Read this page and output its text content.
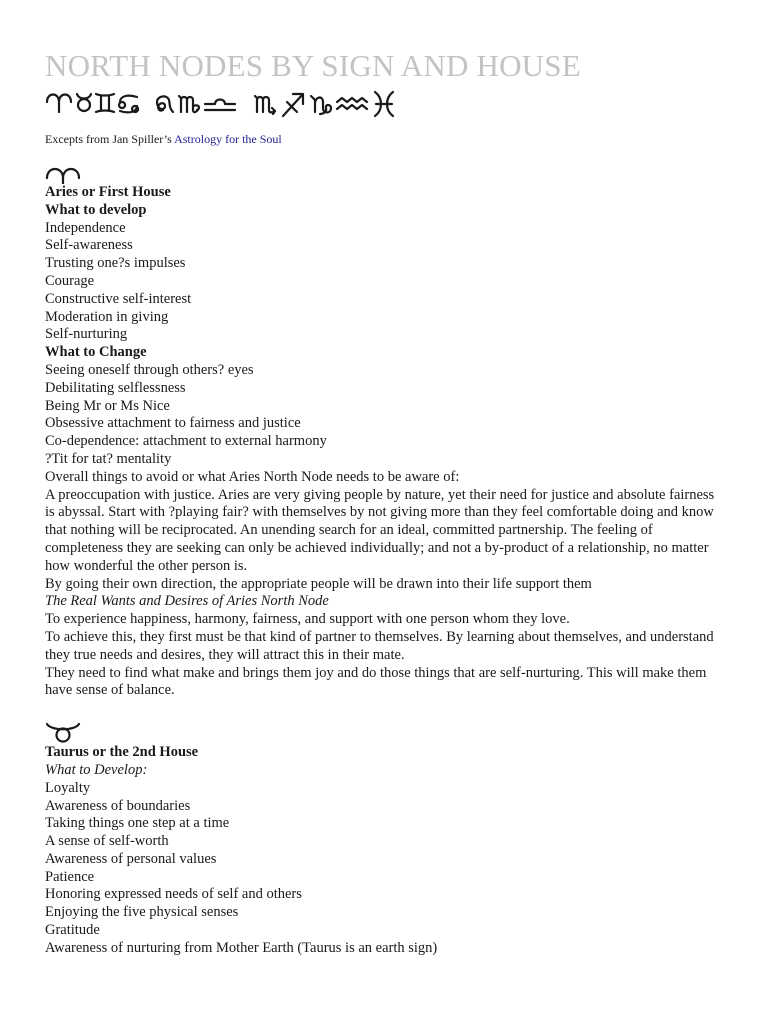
NORTH NODES BY SIGN AND HOUSE
Excepts from Jan Spiller’s Astrology for the Soul
Aries or First House
What to develop
Independence
Self-awareness
Trusting one?s impulses
Courage
Constructive self-interest
Moderation in giving
Self-nurturing
What to Change
Seeing oneself through others? eyes
Debilitating selflessness
Being Mr or Ms Nice
Obsessive attachment to fairness and justice
Co-dependence: attachment to external harmony
?Tit for tat? mentality
Overall things to avoid or what Aries North Node needs to be aware of:
A preoccupation with justice. Aries are very giving people by nature, yet their need for justice and absolute fairness is abyssal. Start with ?playing fair? with themselves by not giving more than they feel comfortable doing and know that nothing will be reciprocated. An unending search for an ideal, committed partnership. The feeling of completeness they are seeking can only be achieved individually; and not a by-product of a relationship, no matter how wonderful the other person is.
By going their own direction, the appropriate people will be drawn into their life support them
The Real Wants and Desires of Aries North Node
To experience happiness, harmony, fairness, and support with one person whom they love.
To achieve this, they first must be that kind of partner to themselves. By learning about themselves, and understand they true needs and desires, they will attract this in their mate.
They need to find what make and brings them joy and do those things that are self-nurturing. This will make them have sense of balance.
Taurus or the 2nd House
What to Develop:
Loyalty
Awareness of boundaries
Taking things one step at a time
A sense of self-worth
Awareness of personal values
Patience
Honoring expressed needs of self and others
Enjoying the five physical senses
Gratitude
Awareness of nurturing from Mother Earth (Taurus is an earth sign)
